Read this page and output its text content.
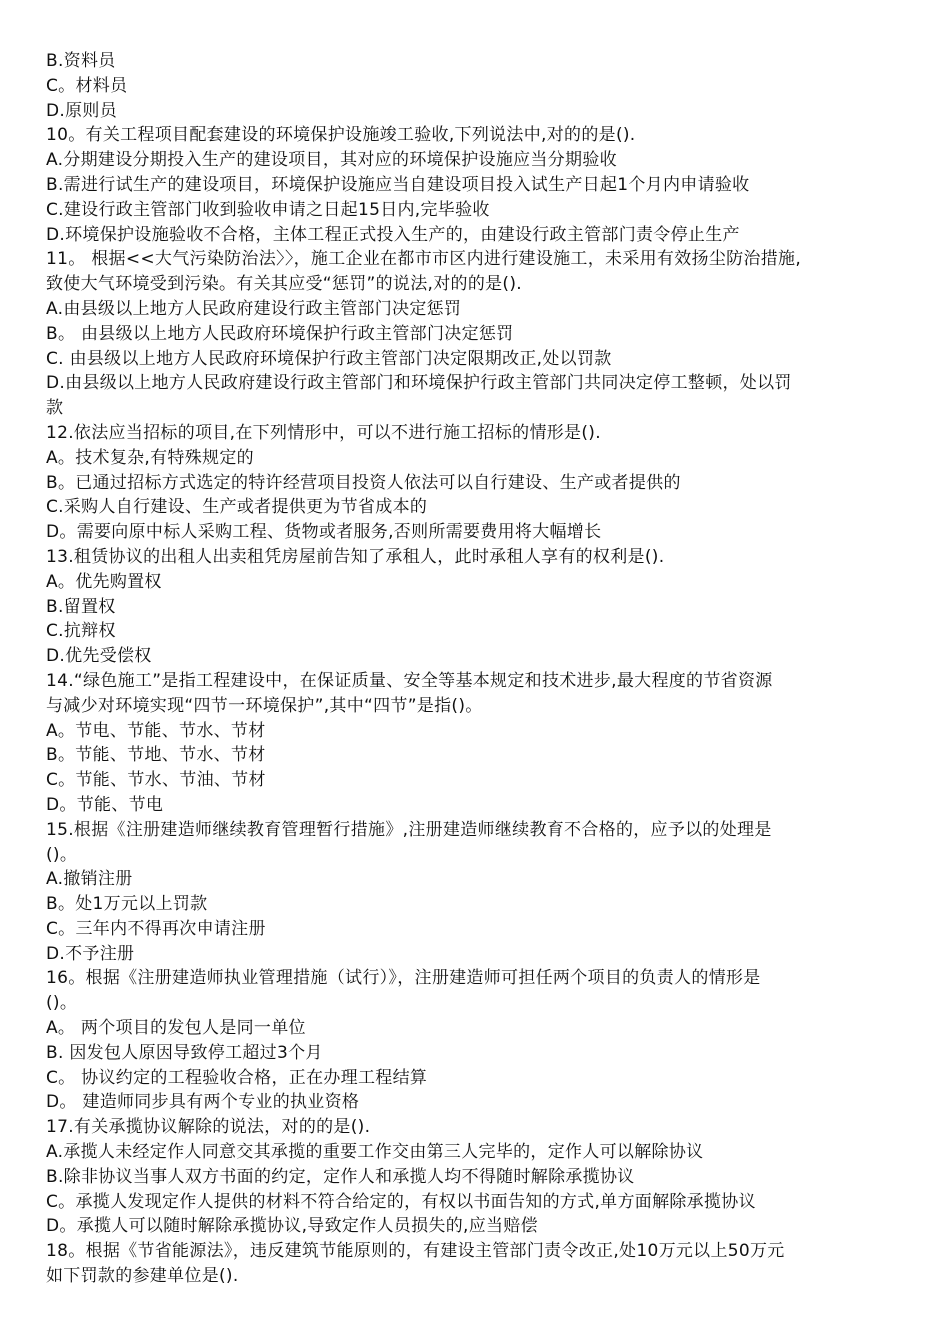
B.资料员
C。材料员
D.原则员
10。有关工程项目配套建设的环境保护设施竣工验收,下列说法中,对的的是().
A.分期建设分期投入生产的建设项目，其对应的环境保护设施应当分期验收
B.需进行试生产的建设项目，环境保护设施应当自建设项目投入试生产日起1个月内申请验收
C.建设行政主管部门收到验收申请之日起15日内,完毕验收
D.环境保护设施验收不合格，主体工程正式投入生产的，由建设行政主管部门责令停止生产
11。 根据<<大气污染防治法〉〉，施工企业在都市市区内进行建设施工，未采用有效扬尘防治措施,
致使大气环境受到污染。有关其应受“惩罚”的说法,对的的是().
A.由县级以上地方人民政府建设行政主管部门决定惩罚
B。 由县级以上地方人民政府环境保护行政主管部门决定惩罚
C. 由县级以上地方人民政府环境保护行政主管部门决定限期改正,处以罚款
D.由县级以上地方人民政府建设行政主管部门和环境保护行政主管部门共同决定停工整顿，处以罚
款
12.依法应当招标的项目,在下列情形中，可以不进行施工招标的情形是().
A。技术复杂,有特殊规定的
B。已通过招标方式选定的特许经营项目投资人依法可以自行建设、生产或者提供的
C.采购人自行建设、生产或者提供更为节省成本的
D。需要向原中标人采购工程、货物或者服务,否则所需要费用将大幅增长
13.租赁协议的出租人出卖租凭房屋前告知了承租人，此时承租人享有的权利是().
A。优先购置权
B.留置权
C.抗辩权
D.优先受偿权
14.“绿色施工”是指工程建设中，在保证质量、安全等基本规定和技术进步,最大程度的节省资源
与减少对环境实现“四节一环境保护”,其中“四节”是指()。
A。节电、节能、节水、节材
B。节能、节地、节水、节材
C。节能、节水、节油、节材
D。节能、节电
15.根据《注册建造师继续教育管理暂行措施》,注册建造师继续教育不合格的，应予以的处理是
()。
A.撤销注册
B。处1万元以上罚款
C。三年内不得再次申请注册
D.不予注册
16。根据《注册建造师执业管理措施（试行）》，注册建造师可担任两个项目的负责人的情形是
()。
A。 两个项目的发包人是同一单位
B. 因发包人原因导致停工超过3个月
C。 协议约定的工程验收合格，正在办理工程结算
D。 建造师同步具有两个专业的执业资格
17.有关承揽协议解除的说法，对的的是().
A.承揽人未经定作人同意交其承揽的重要工作交由第三人完毕的，定作人可以解除协议
B.除非协议当事人双方书面的约定，定作人和承揽人均不得随时解除承揽协议
C。承揽人发现定作人提供的材料不符合给定的，有权以书面告知的方式,单方面解除承揽协议
D。承揽人可以随时解除承揽协议,导致定作人员损失的,应当赔偿
18。根据《节省能源法》，违反建筑节能原则的，有建设主管部门责令改正,处10万元以上50万元
如下罚款的参建单位是().
